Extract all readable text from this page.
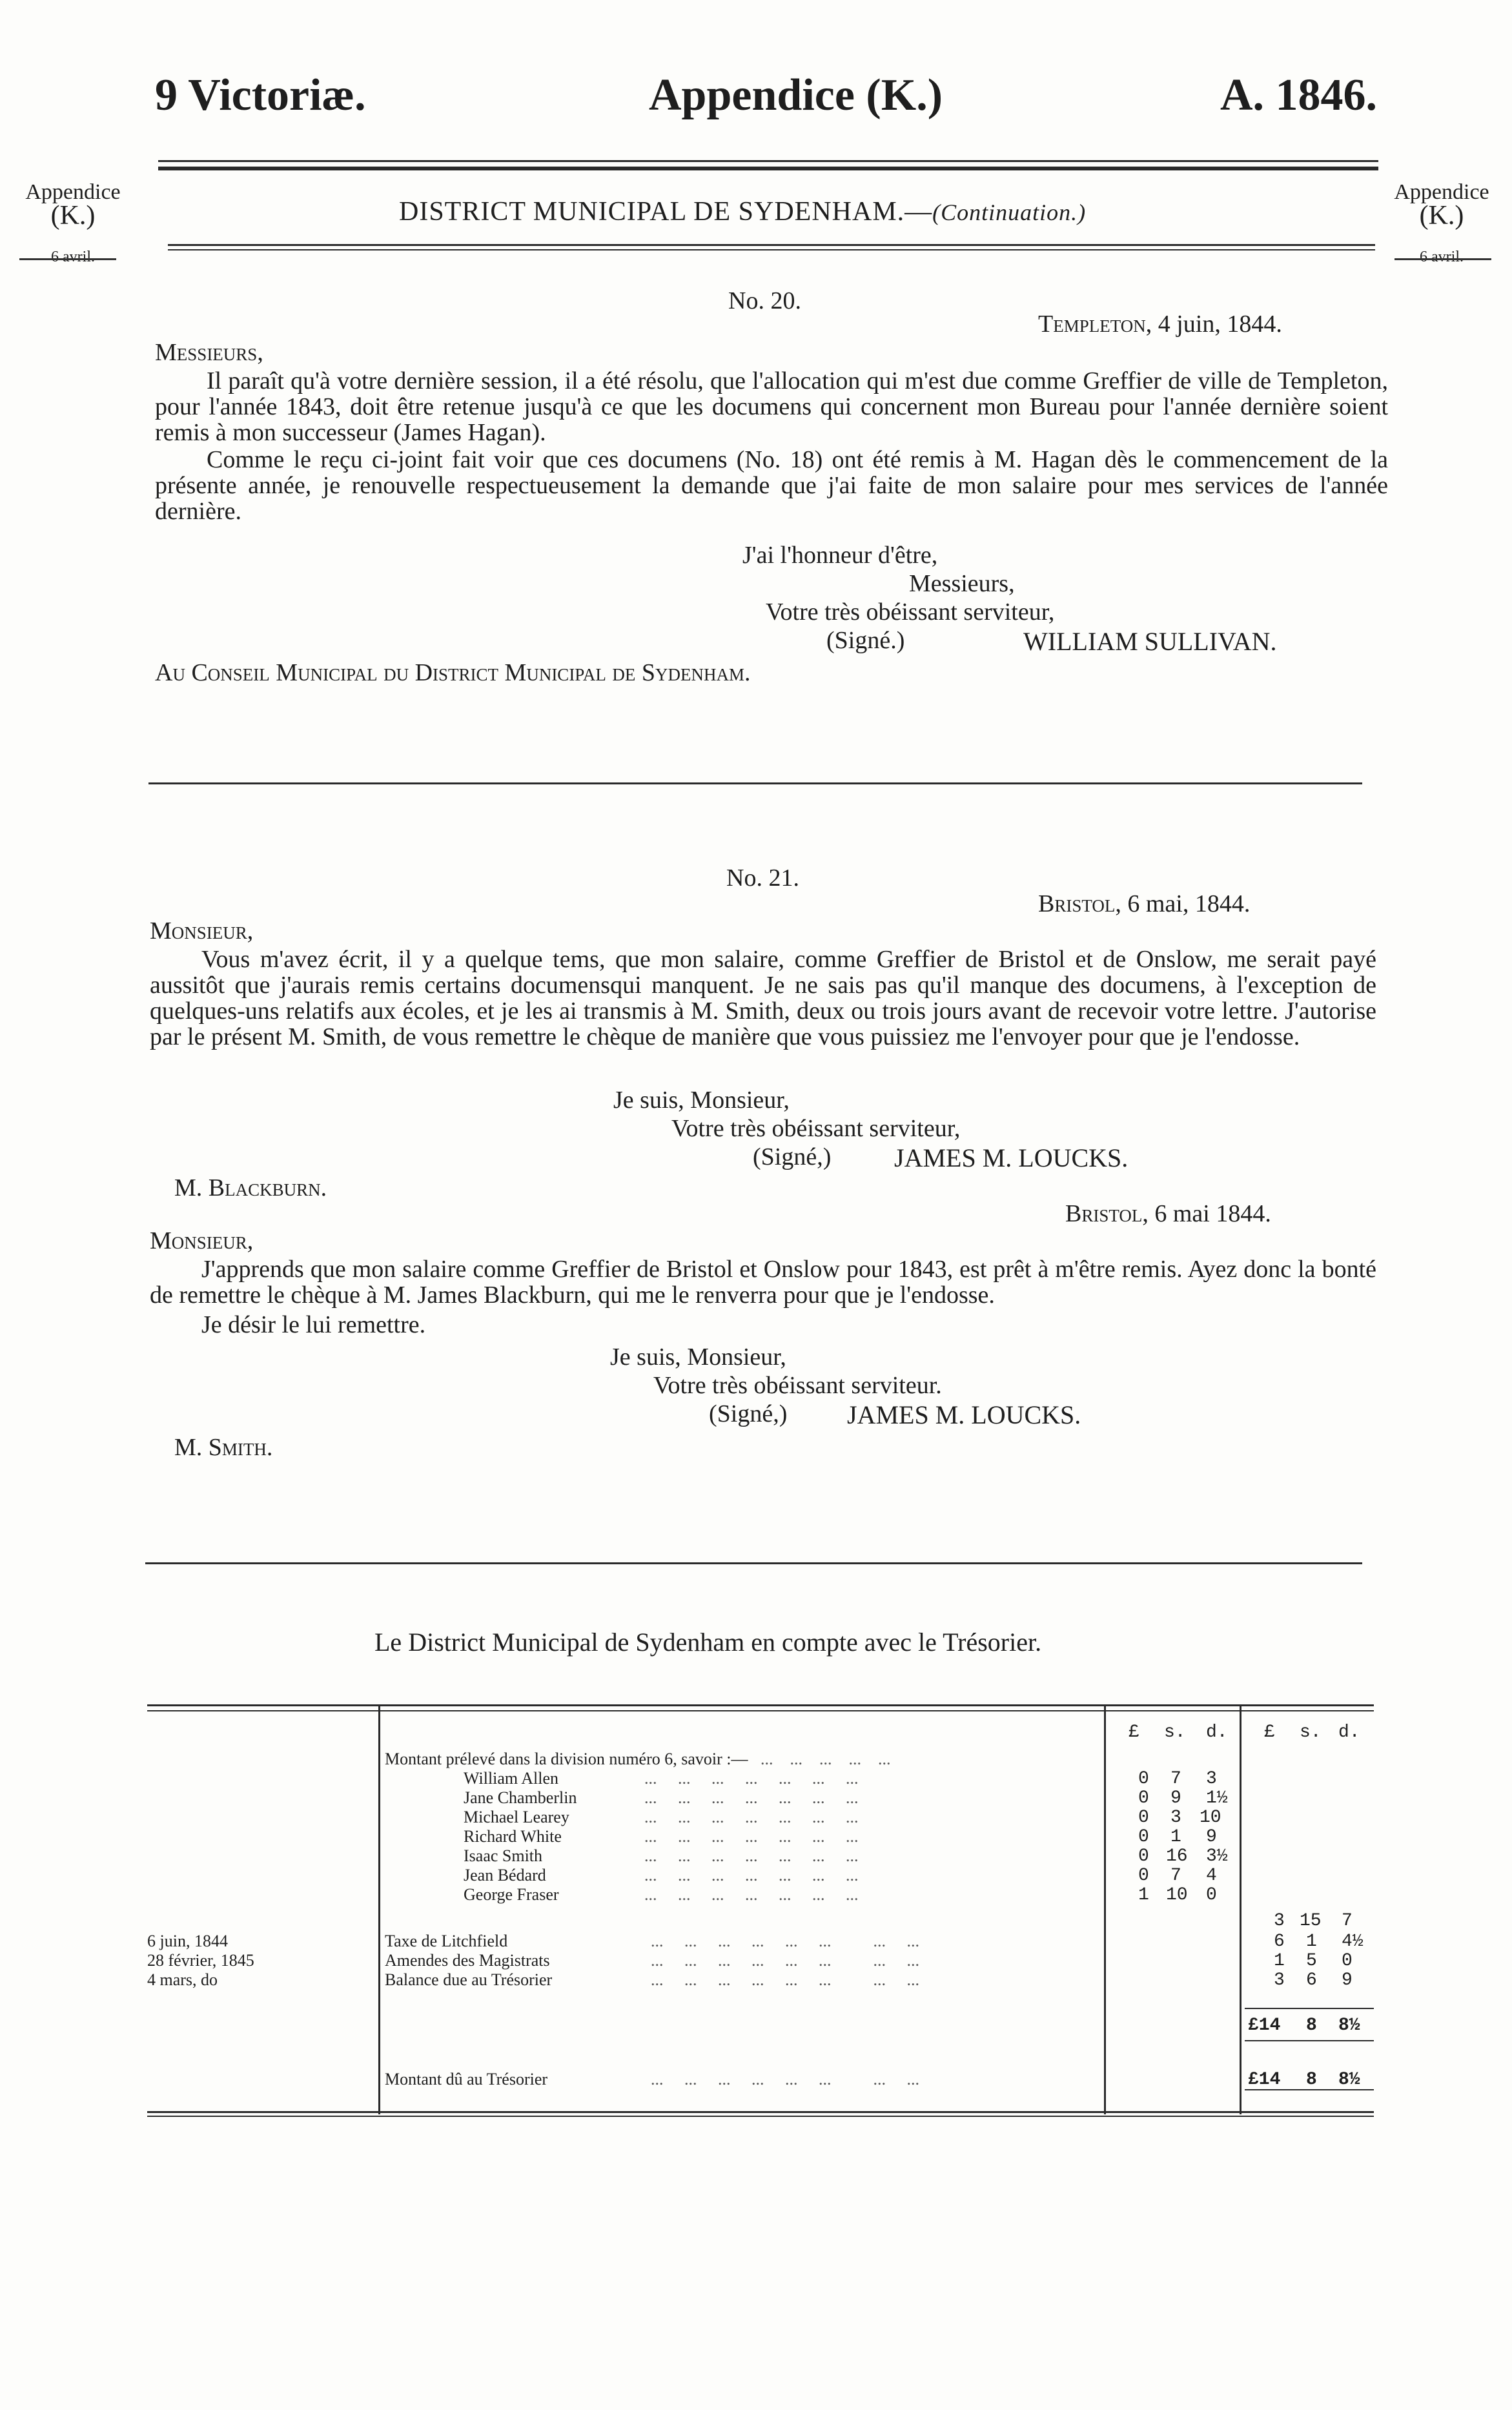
9 Victoriæ.	Appendice (K.)	A. 1846.
Appendice
(K.)
6 avril.
Appendice
(K.)
6 avril.
DISTRICT MUNICIPAL DE SYDENHAM.—(Continuation.)
No. 20.
Templeton, 4 juin, 1844.
Messieurs,
Il paraît qu'à votre dernière session, il a été résolu, que l'allocation qui m'est due comme Greffier de ville de Templeton, pour l'année 1843, doit être retenue jusqu'à ce que les documens qui concernent mon Bureau pour l'année dernière soient remis à mon successeur (James Hagan).
Comme le reçu ci-joint fait voir que ces documens (No. 18) ont été remis à M. Hagan dès le commencement de la présente année, je renouvelle respectueusement la demande que j'ai faite de mon salaire pour mes services de l'année dernière.
J'ai l'honneur d'être,
Messieurs,
Votre très obéissant serviteur,
(Signé.)	WILLIAM SULLIVAN.
Au Conseil Municipal du District Municipal de Sydenham.
No. 21.
Bristol, 6 mai, 1844.
Monsieur,
Vous m'avez écrit, il y a quelque tems, que mon salaire, comme Greffier de Bristol et de Onslow, me serait payé aussitôt que j'aurais remis certains documensqui manquent. Je ne sais pas qu'il manque des documens, à l'exception de quelques-uns relatifs aux écoles, et je les ai transmis à M. Smith, deux ou trois jours avant de recevoir votre lettre. J'autorise par le présent M. Smith, de vous remettre le chèque de manière que vous puissiez me l'envoyer pour que je l'endosse.
Je suis, Monsieur,
Votre très obéissant serviteur,
(Signé,) JAMES M. LOUCKS.
M. Blackburn.
Bristol, 6 mai 1844.
Monsieur,
J'apprends que mon salaire comme Greffier de Bristol et Onslow pour 1843, est prêt à m'être remis. Ayez donc la bonté de remettre le chèque à M. James Blackburn, qui me le renverra pour que je l'endosse.
Je désir le lui remettre.
Je suis, Monsieur,
Votre très obéissant serviteur.
(Signé,) JAMES M. LOUCKS.
M. Smith.
Le District Municipal de Sydenham en compte avec le Trésorier.
£ s. d. £ s. d.
Montant prélevé dans la division numéro 6, savoir :—   ...    ...    ...    ...    ...
William Allen	0 7 3
Jane Chamberlin	0 9 1½
Michael Learey	0 3 10
Richard White	0 1 9
Isaac Smith	0 16 3½
Jean Bédard	0 7 4
George Fraser	1 10 0
...     ...     ...     ...     ...     ...     ...
...     ...     ...     ...     ...     ...     ...
...     ...     ...     ...     ...     ...     ...
...     ...     ...     ...     ...     ...     ...
...     ...     ...     ...     ...     ...     ...
...     ...     ...     ...     ...     ...     ...
...     ...     ...     ...     ...     ...     ...
3 15 7
6 juin, 1844	Taxe de Litchfield	6 1 4½
28 février, 1845	Amendes des Magistrats	1 5 0
4 mars, do	Balance due au Trésorier	3 6 9
...     ...     ...     ...     ...     ...          ...     ...
...     ...     ...     ...     ...     ...          ...     ...
...     ...     ...     ...     ...     ...          ...     ...
£14 8 8½
Montant dû au Trésorier	...     ...     ...     ...     ...     ...          ...     ...	£14 8 8½
